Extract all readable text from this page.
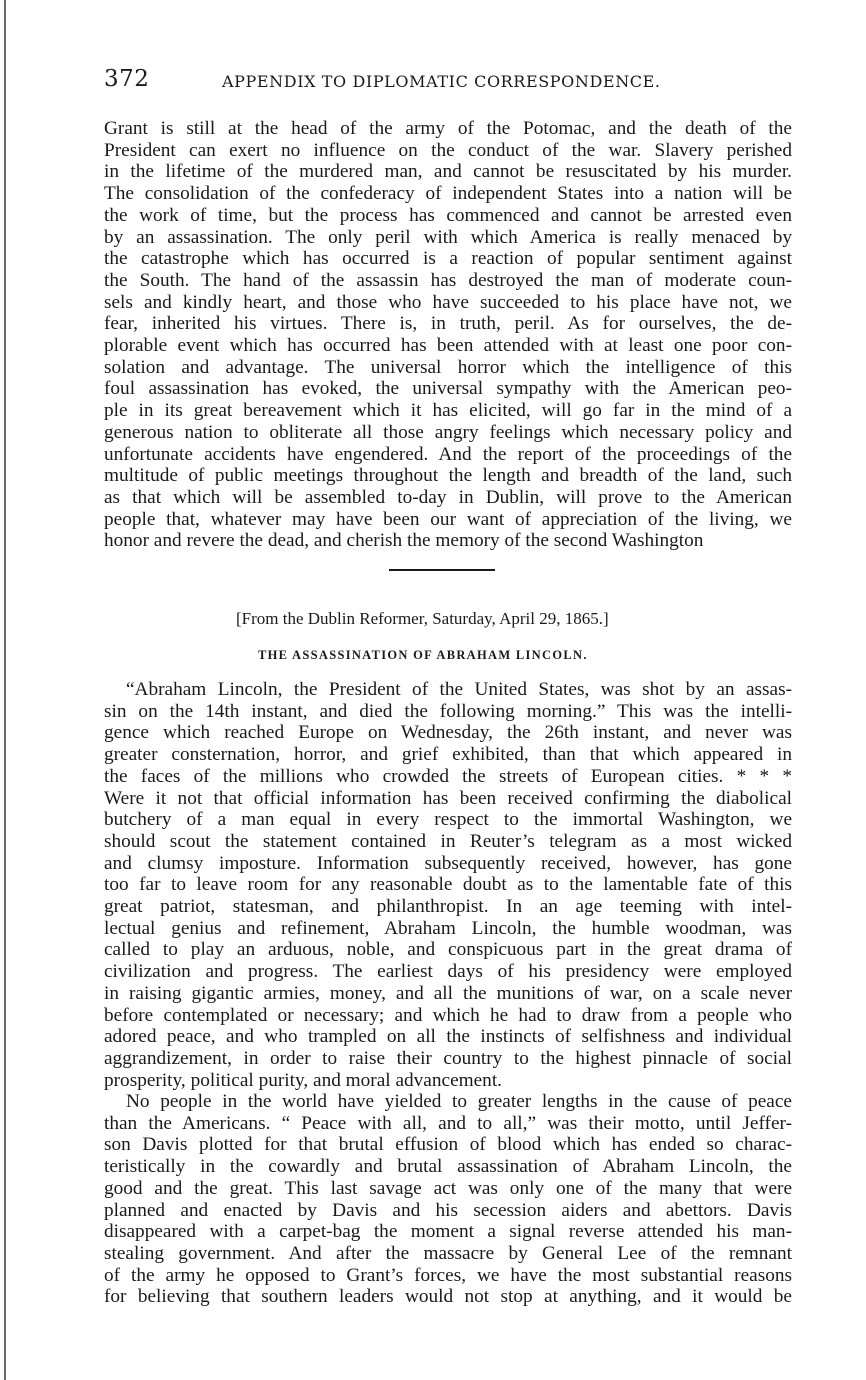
372	APPENDIX TO DIPLOMATIC CORRESPONDENCE.
Grant is still at the head of the army of the Potomac, and the death of the
President can exert no influence on the conduct of the war. Slavery perished
in the lifetime of the murdered man, and cannot be resuscitated by his murder.
The consolidation of the confederacy of independent States into a nation will be
the work of time, but the process has commenced and cannot be arrested even
by an assassination. The only peril with which America is really menaced by
the catastrophe which has occurred is a reaction of popular sentiment against
the South. The hand of the assassin has destroyed the man of moderate coun-
sels and kindly heart, and those who have succeeded to his place have not, we
fear, inherited his virtues. There is, in truth, peril. As for ourselves, the de-
plorable event which has occurred has been attended with at least one poor con-
solation and advantage. The universal horror which the intelligence of this
foul assassination has evoked, the universal sympathy with the American peo-
ple in its great bereavement which it has elicited, will go far in the mind of a
generous nation to obliterate all those angry feelings which necessary policy and
unfortunate accidents have engendered. And the report of the proceedings of the
multitude of public meetings throughout the length and breadth of the land, such
as that which will be assembled to-day in Dublin, will prove to the American
people that, whatever may have been our want of appreciation of the living, we
honor and revere the dead, and cherish the memory of the second Washington
[From the Dublin Reformer, Saturday, April 29, 1865.]
THE ASSASSINATION OF ABRAHAM LINCOLN.
“Abraham Lincoln, the President of the United States, was shot by an assas-
sin on the 14th instant, and died the following morning.” This was the intelli-
gence which reached Europe on Wednesday, the 26th instant, and never was
greater consternation, horror, and grief exhibited, than that which appeared in
the faces of the millions who crowded the streets of European cities. * * *
Were it not that official information has been received confirming the diabolical
butchery of a man equal in every respect to the immortal Washington, we
should scout the statement contained in Reuter’s telegram as a most wicked
and clumsy imposture. Information subsequently received, however, has gone
too far to leave room for any reasonable doubt as to the lamentable fate of this
great patriot, statesman, and philanthropist. In an age teeming with intel-
lectual genius and refinement, Abraham Lincoln, the humble woodman, was
called to play an arduous, noble, and conspicuous part in the great drama of
civilization and progress. The earliest days of his presidency were employed
in raising gigantic armies, money, and all the munitions of war, on a scale never
before contemplated or necessary; and which he had to draw from a people who
adored peace, and who trampled on all the instincts of selfishness and individual
aggrandizement, in order to raise their country to the highest pinnacle of social
prosperity, political purity, and moral advancement.
No people in the world have yielded to greater lengths in the cause of peace
than the Americans. “ Peace with all, and to all,” was their motto, until Jeffer-
son Davis plotted for that brutal effusion of blood which has ended so charac-
teristically in the cowardly and brutal assassination of Abraham Lincoln, the
good and the great. This last savage act was only one of the many that were
planned and enacted by Davis and his secession aiders and abettors. Davis
disappeared with a carpet-bag the moment a signal reverse attended his man-
stealing government. And after the massacre by General Lee of the remnant
of the army he opposed to Grant’s forces, we have the most substantial reasons
for believing that southern leaders would not stop at anything, and it would be
